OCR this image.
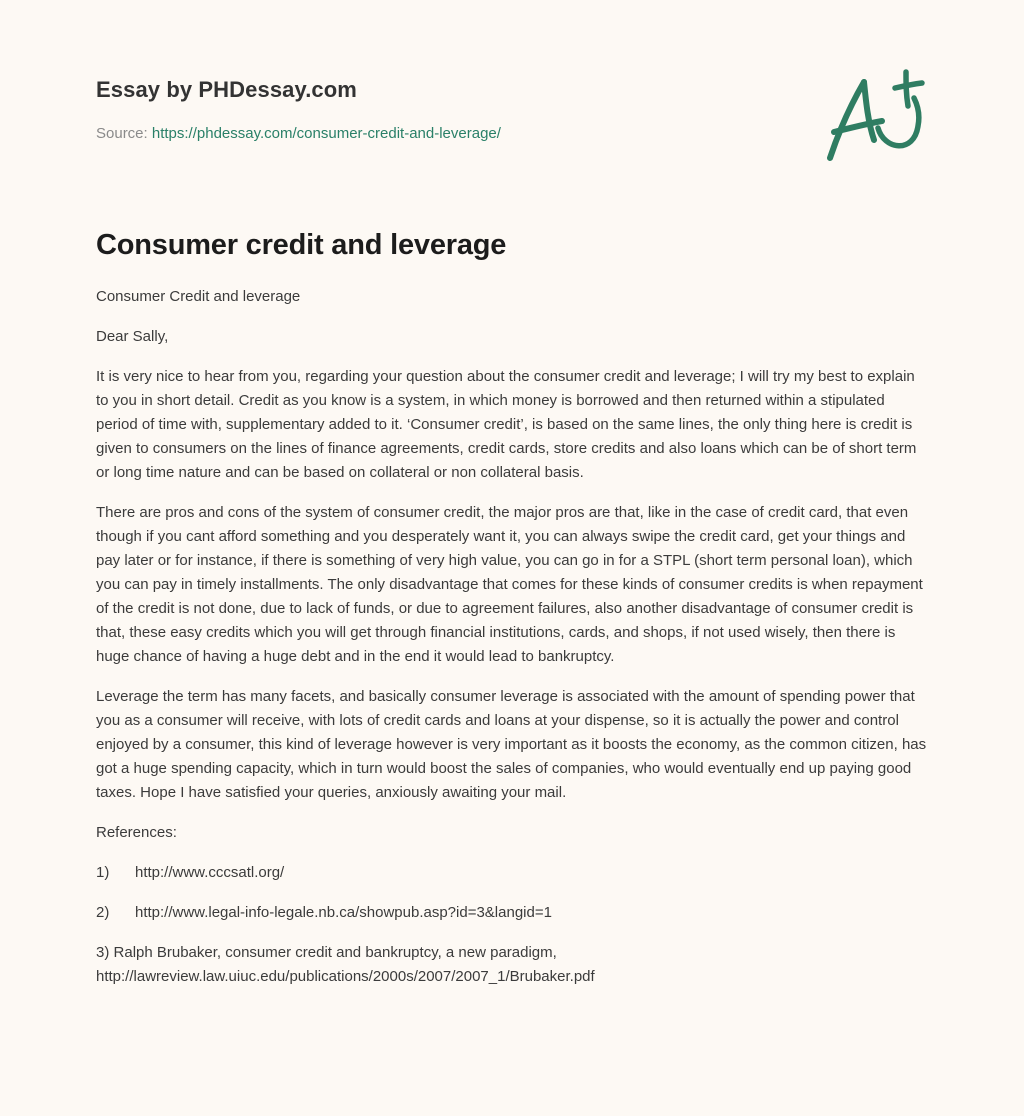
Essay by PHDessay.com
Source: https://phdessay.com/consumer-credit-and-leverage/
Consumer credit and leverage

Consumer Credit and leverage

Dear Sally,

It is very nice to hear from you, regarding your question about the consumer credit and leverage; I will try my best to explain to you in short detail. Credit as you know is a system, in which money is borrowed and then returned within a stipulated period of time with, supplementary added to it. ‘Consumer credit’, is based on the same lines, the only thing here is credit is given to consumers on the lines of finance agreements, credit cards, store credits and also loans which can be of short term or long time nature and can be based on collateral or non collateral basis.

There are pros and cons of the system of consumer credit, the major pros are that, like in the case of credit card, that even though if you cant afford something and you desperately want it, you can always swipe the credit card, get your things and pay later or for instance, if there is something of very high value, you can go in for a STPL (short term personal loan), which you can pay in timely installments. The only disadvantage that comes for these kinds of consumer credits is when repayment of the credit is not done, due to lack of funds, or due to agreement failures, also another disadvantage of consumer credit is that, these easy credits which you will get through financial institutions, cards, and shops, if not used wisely, then there is huge chance of having a huge debt and in the end it would lead to bankruptcy.

Leverage the term has many facets, and basically consumer leverage is associated with the amount of spending power that you as a consumer will receive, with lots of credit cards and loans at your dispense, so it is actually the power and control enjoyed by a consumer, this kind of leverage however is very important as it boosts the economy, as the common citizen, has got a huge spending capacity, which in turn would boost the sales of companies, who would eventually end up paying good taxes. Hope I have satisfied your queries, anxiously awaiting your mail.

References:

1) http://www.cccsatl.org/

2) http://www.legal-info-legale.nb.ca/showpub.asp?id=3&langid=1

3) Ralph Brubaker, consumer credit and bankruptcy, a new paradigm,
http://lawreview.law.uiuc.edu/publications/2000s/2007/2007_1/Brubaker.pdf
